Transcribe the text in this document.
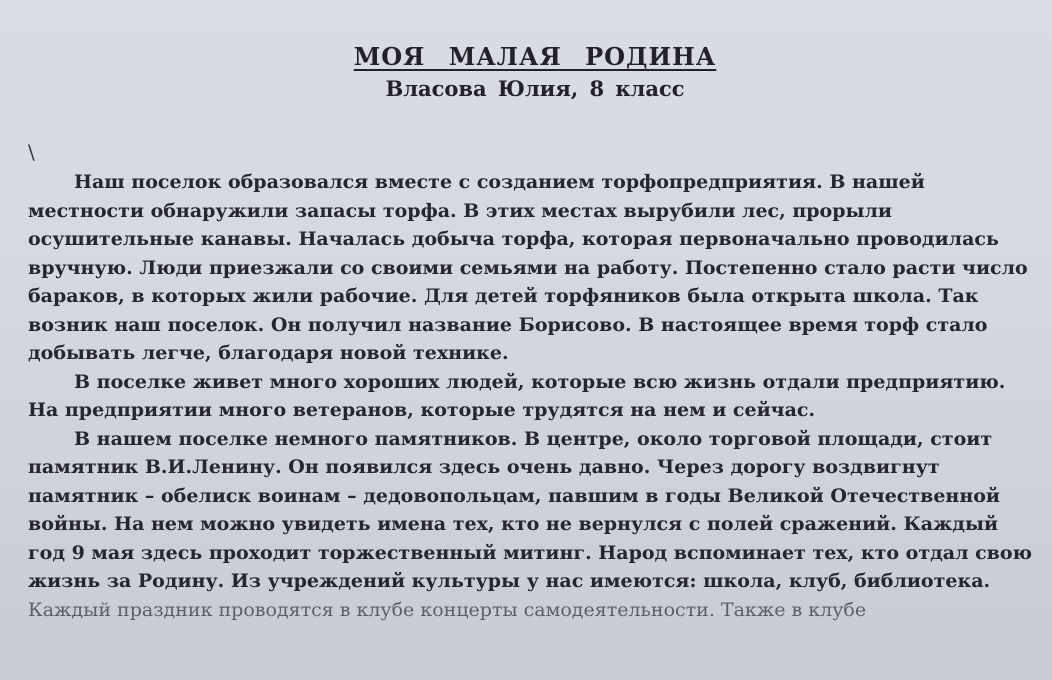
МОЯ МАЛАЯ РОДИНА
Власова Юлия, 8 класс
\
Наш поселок образовался вместе с созданием торфопредприятия. В нашей
местности обнаружили запасы торфа. В этих местах вырубили лес, прорыли
осушительные канавы. Началась добыча торфа, которая первоначально проводилась
вручную. Люди приезжали со своими семьями на работу. Постепенно стало расти число
бараков, в которых жили рабочие. Для детей торфяников была открыта школа. Так
возник наш поселок. Он получил название Борисово. В настоящее время торф стало
добывать легче, благодаря новой технике.
В поселке живет много хороших людей, которые всю жизнь отдали предприятию.
На предприятии много ветеранов, которые трудятся на нем и сейчас.
В нашем поселке немного памятников. В центре, около торговой площади, стоит
памятник В.И.Ленину. Он появился здесь очень давно. Через дорогу воздвигнут
памятник – обелиск воинам – дедовопольцам, павшим в годы Великой Отечественной
войны. На нем можно увидеть имена тех, кто не вернулся с полей сражений. Каждый
год 9 мая здесь проходит торжественный митинг. Народ вспоминает тех, кто отдал свою
жизнь за Родину. Из учреждений культуры у нас имеются: школа, клуб, библиотека.
Каждый праздник проводятся в клубе концерты самодеятельности. Также в клубе
